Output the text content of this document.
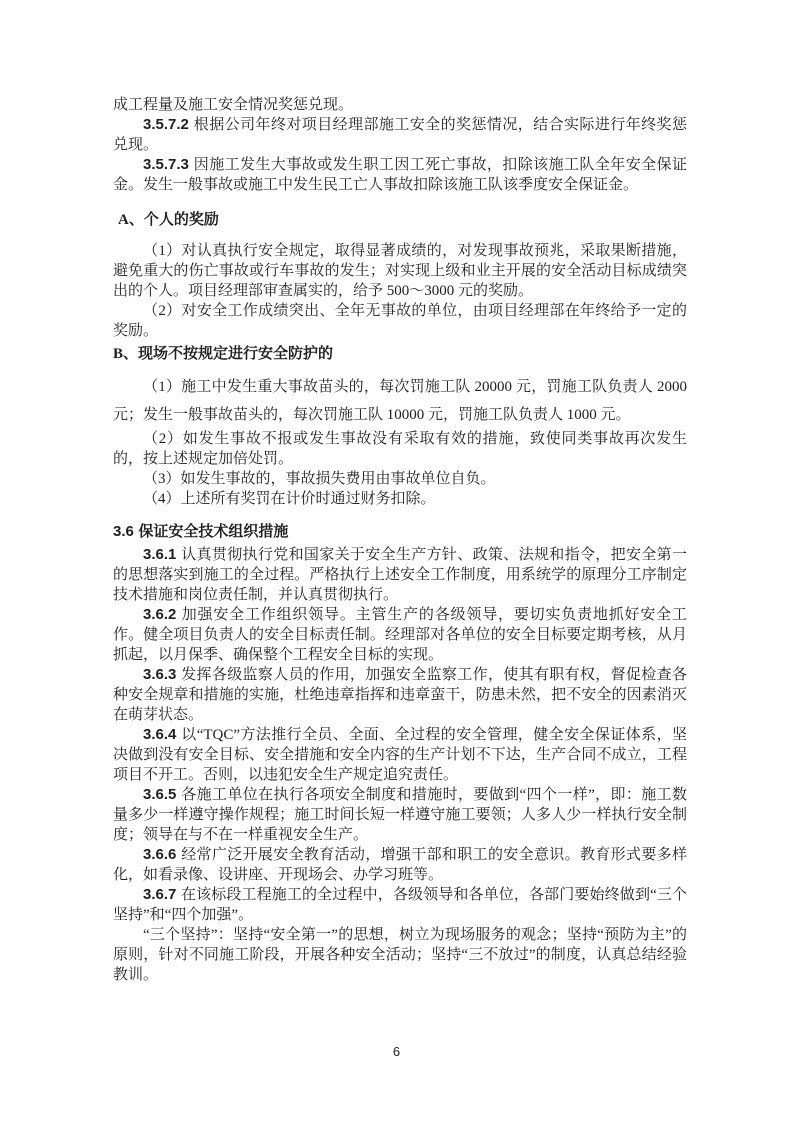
成工程量及施工安全情况奖惩兑现。

3.5.7.2 根据公司年终对项目经理部施工安全的奖惩情况，结合实际进行年终奖惩兑现。

3.5.7.3 因施工发生大事故或发生职工因工死亡事故，扣除该施工队全年安全保证金。发生一般事故或施工中发生民工亡人事故扣除该施工队该季度安全保证金。

A、个人的奖励

（1）对认真执行安全规定，取得显著成绩的，对发现事故预兆，采取果断措施，避免重大的伤亡事故或行车事故的发生；对实现上级和业主开展的安全活动目标成绩突出的个人。项目经理部审查属实的，给予 500～3000 元的奖励。

（2）对安全工作成绩突出、全年无事故的单位，由项目经理部在年终给予一定的奖励。

B、现场不按规定进行安全防护的

（1）施工中发生重大事故苗头的，每次罚施工队 20000 元，罚施工队负责人 2000 元；发生一般事故苗头的，每次罚施工队 10000 元，罚施工队负责人 1000 元。

（2）如发生事故不报或发生事故没有采取有效的措施，致使同类事故再次发生的，按上述规定加倍处罚。

（3）如发生事故的，事故损失费用由事故单位自负。

（4）上述所有奖罚在计价时通过财务扣除。

3.6 保证安全技术组织措施

3.6.1 认真贯彻执行党和国家关于安全生产方针、政策、法规和指令，把安全第一的思想落实到施工的全过程。严格执行上述安全工作制度，用系统学的原理分工序制定技术措施和岗位责任制，并认真贯彻执行。

3.6.2 加强安全工作组织领导。主管生产的各级领导，要切实负责地抓好安全工作。健全项目负责人的安全目标责任制。经理部对各单位的安全目标要定期考核，从月抓起，以月保季、确保整个工程安全目标的实现。

3.6.3 发挥各级监察人员的作用，加强安全监察工作，使其有职有权，督促检查各种安全规章和措施的实施，杜绝违章指挥和违章蛮干，防患未然，把不安全的因素消灭在萌芽状态。

3.6.4 以“TQC”方法推行全员、全面、全过程的安全管理，健全安全保证体系，坚决做到没有安全目标、安全措施和安全内容的生产计划不下达，生产合同不成立，工程项目不开工。否则，以违犯安全生产规定追究责任。

3.6.5 各施工单位在执行各项安全制度和措施时，要做到“四个一样”，即：施工数量多少一样遵守操作规程；施工时间长短一样遵守施工要领；人多人少一样执行安全制度；领导在与不在一样重视安全生产。

3.6.6 经常广泛开展安全教育活动，增强干部和职工的安全意识。教育形式要多样化，如看录像、设讲座、开现场会、办学习班等。

3.6.7 在该标段工程施工的全过程中，各级领导和各单位，各部门要始终做到“三个坚持”和“四个加强”。

“三个坚持”：坚持“安全第一”的思想，树立为现场服务的观念；坚持“预防为主”的原则，针对不同施工阶段，开展各种安全活动；坚持“三不放过”的制度，认真总结经验教训。

6
